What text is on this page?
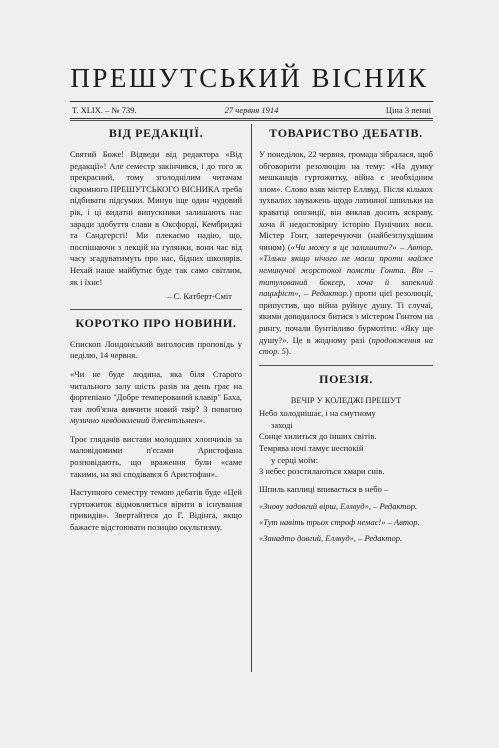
ПРЕШУТСЬКИЙ ВІСНИК
Т. XLIX. – № 739.	27 червня 1914	Ціна 3 пенні
ВІД РЕДАКЦІЇ.

Святий Боже! Відведи від редактора «Від редакції»! Але семестр закінчився, і до того ж прекрасний, тому зголоднілим читачам скромного ПРЕШУТСЬКОГО ВІСНИКА треба підбивати підсумки. Минув іще один чудовий рік, і ці видатні випускники залишають нас заради здобуття слави в Оксфорді, Кембриджі та Сандгерсті! Ми плекаємо надію, що, поспішаючи з лекцій на гулянки, вони час від часу згадуватимуть про нас, бідних школярів. Нехай наше майбутнє буде так само світлим, як і їхнє!

– С. Катберт-Сміт
КОРОТКО ПРО НОВИНИ.

Єпископ Лондонський виголосив проповідь у неділю, 14 червня.

«Чи не буде людина, яка біля Старого читального залу шість разів на день грає на фортепіано "Добре темперований клавір" Баха, тая люб'язна вивчити новий твір? З повагою музично невдоволений джентльмен».

Троє глядачів вистави молодших хлопчиків за маловідомими п'єсами Аристофана розповідають, що враження були «саме такими, на які сподівався б Аристофан».

Наступного семестру темою дебатів буде «Цей гуртожиток відмовляється вірити в існування привидів». Звертайтеся до Г. Відінга, якщо бажаєте відстоювати позицію окультизму.

ТОВАРИСТВО ДЕБАТІВ.

У понеділок, 22 червня, громада зібралася, щоб обговорити резолюцію на тему: «На думку мешканців гуртожитку, війна є необхідним злом». Слово взяв містер Еллвуд. Після кількох зухвалих зауважень щодо латинної шпильки на краватці опозиції, він виклав досить яскраву, хоча й недостовірну історію Пунічних воєн. Містер Гонт, заперечуючи (найбезглуздішим чином) («Чи можу я це залишити?» – Автор. «Тільки якщо нічого не маєш проти майже неминучої жорстокої помсти Гонта. Він – титулований боксер, хоча й запеклий пацифіст», – Редактор.) проти цієї резолюції, припустив, що війна руйнує душу. Ті случаї, якими доводилося битися з містером Гонтом на рингу, почали бунтівливо бурмотіти: «Яку ще душу?». Це в жодному разі (продовження на стор. 5).

ПОЕЗІЯ.
ВЕЧІР У КОЛЕДЖІ ПРЕШУТ
Небо холоднішає, і на смутному
заході
Сонце хилиться до інших світів.
Темрява ночі тамує неспокій
у серці моїм:
З небес розстилаються хмари снів.
Шпиль каплиці впивається в небо –

«Знову задовгий вірш, Еллвуд», – Редактор.

«Тут навіть трьох строф немає!» – Автор.

«Занадто довгий, Еллвуд», – Редактор.
